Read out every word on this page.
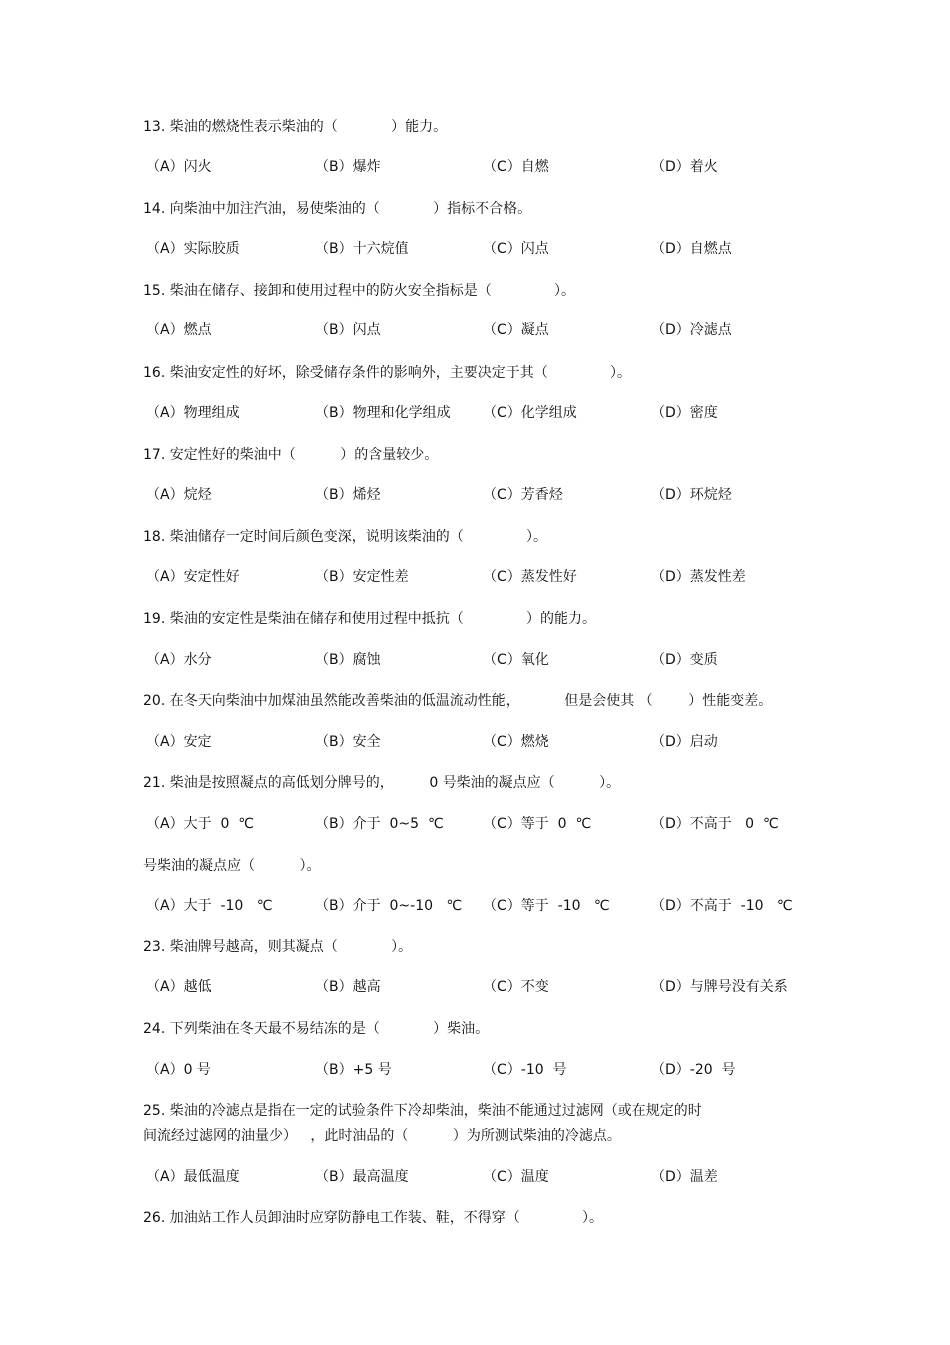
13. 柴油的燃烧性表示柴油的（            ）能力。
（A）闪火	（B）爆炸	（C）自燃	（D）着火
14. 向柴油中加注汽油，易使柴油的（            ）指标不合格。
（A）实际胶质	（B）十六烷值	（C）闪点	（D）自燃点
15. 柴油在储存、接卸和使用过程中的防火安全指标是（              ）。
（A）燃点	（B）闪点	（C）凝点	（D）冷滤点
16. 柴油安定性的好坏，除受储存条件的影响外，主要决定于其（              ）。
（A）物理组成	（B）物理和化学组成 （C）化学组成	（D）密度
17. 安定性好的柴油中（          ）的含量较少。
（A）烷烃	（B）烯烃	（C）芳香烃	（D）环烷烃
18. 柴油储存一定时间后颜色变深，说明该柴油的（              ）。
（A）安定性好	（B）安定性差	（C）蒸发性好	（D）蒸发性差
19. 柴油的安定性是柴油在储存和使用过程中抵抗（              ）的能力。
（A）水分	（B）腐蚀	（C）氧化	（D）变质
20. 在冬天向柴油中加煤油虽然能改善柴油的低温流动性能，          但是会使其 （        ）性能变差。
（A）安定	（B）安全	（C）燃烧	（D）启动
21. 柴油是按照凝点的高低划分牌号的，        0 号柴油的凝点应（          ）。
（A）大于  0  ℃	（B）介于  0~5  ℃	（C）等于  0  ℃	（D）不高于   0  ℃
号柴油的凝点应（          ）。
（A）大于  -10   ℃	（B）介于  0~-10   ℃ （C）等于  -10   ℃	（D）不高于  -10   ℃
23. 柴油牌号越高，则其凝点（            ）。
（A）越低	（B）越高	（C）不变	（D）与牌号没有关系
24. 下列柴油在冬天最不易结冻的是（            ）柴油。
（A）0 号	（B）+5 号	（C）-10  号	（D）-20  号
25. 柴油的冷滤点是指在一定的试验条件下冷却柴油，柴油不能通过过滤网（或在规定的时
间流经过滤网的油量少）   ，此时油品的（          ）为所测试柴油的冷滤点。
（A）最低温度	（B）最高温度	（C）温度	（D）温差
26. 加油站工作人员卸油时应穿防静电工作装、鞋，不得穿（              ）。
